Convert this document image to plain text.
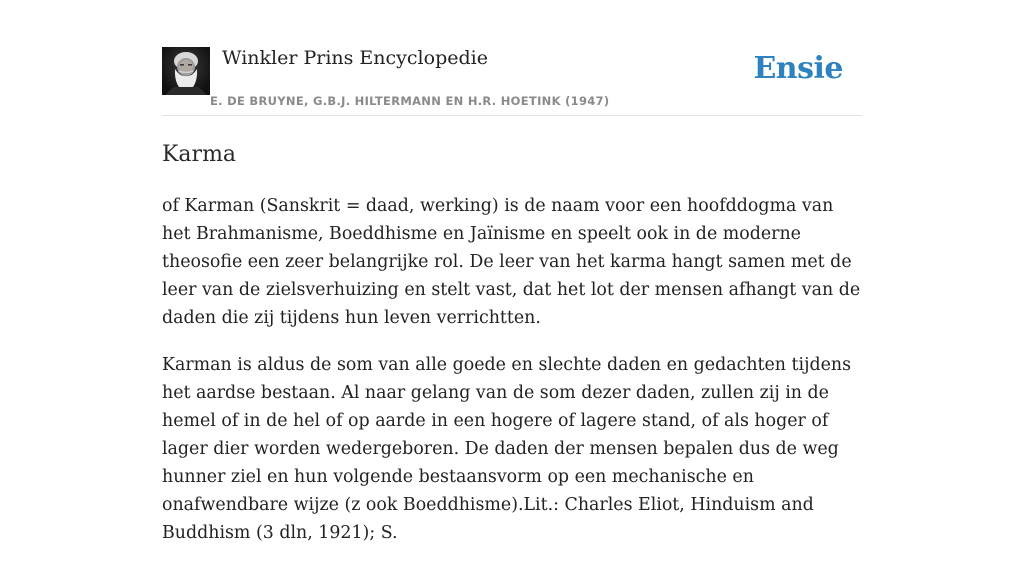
Winkler Prins Encyclopedie
E. DE BRUYNE, G.B.J. HILTERMANN EN H.R. HOETINK (1947)
Ensie
Karma

of Karman (Sanskrit = daad, werking) is de naam voor een hoofddogma van het Brahmanisme, Boeddhisme en Jaïnisme en speelt ook in de moderne theosofie een zeer belangrijke rol. De leer van het karma hangt samen met de leer van de zielsverhuizing en stelt vast, dat het lot der mensen afhangt van de daden die zij tijdens hun leven verrichtten.

Karman is aldus de som van alle goede en slechte daden en gedachten tijdens het aardse bestaan. Al naar gelang van de som dezer daden, zullen zij in de hemel of in de hel of op aarde in een hogere of lagere stand, of als hoger of lager dier worden wedergeboren. De daden der mensen bepalen dus de weg hunner ziel en hun volgende bestaansvorm op een mechanische en onafwendbare wijze (z ook Boeddhisme).Lit.: Charles Eliot, Hinduism and Buddhism (3 dln, 1921); S.
